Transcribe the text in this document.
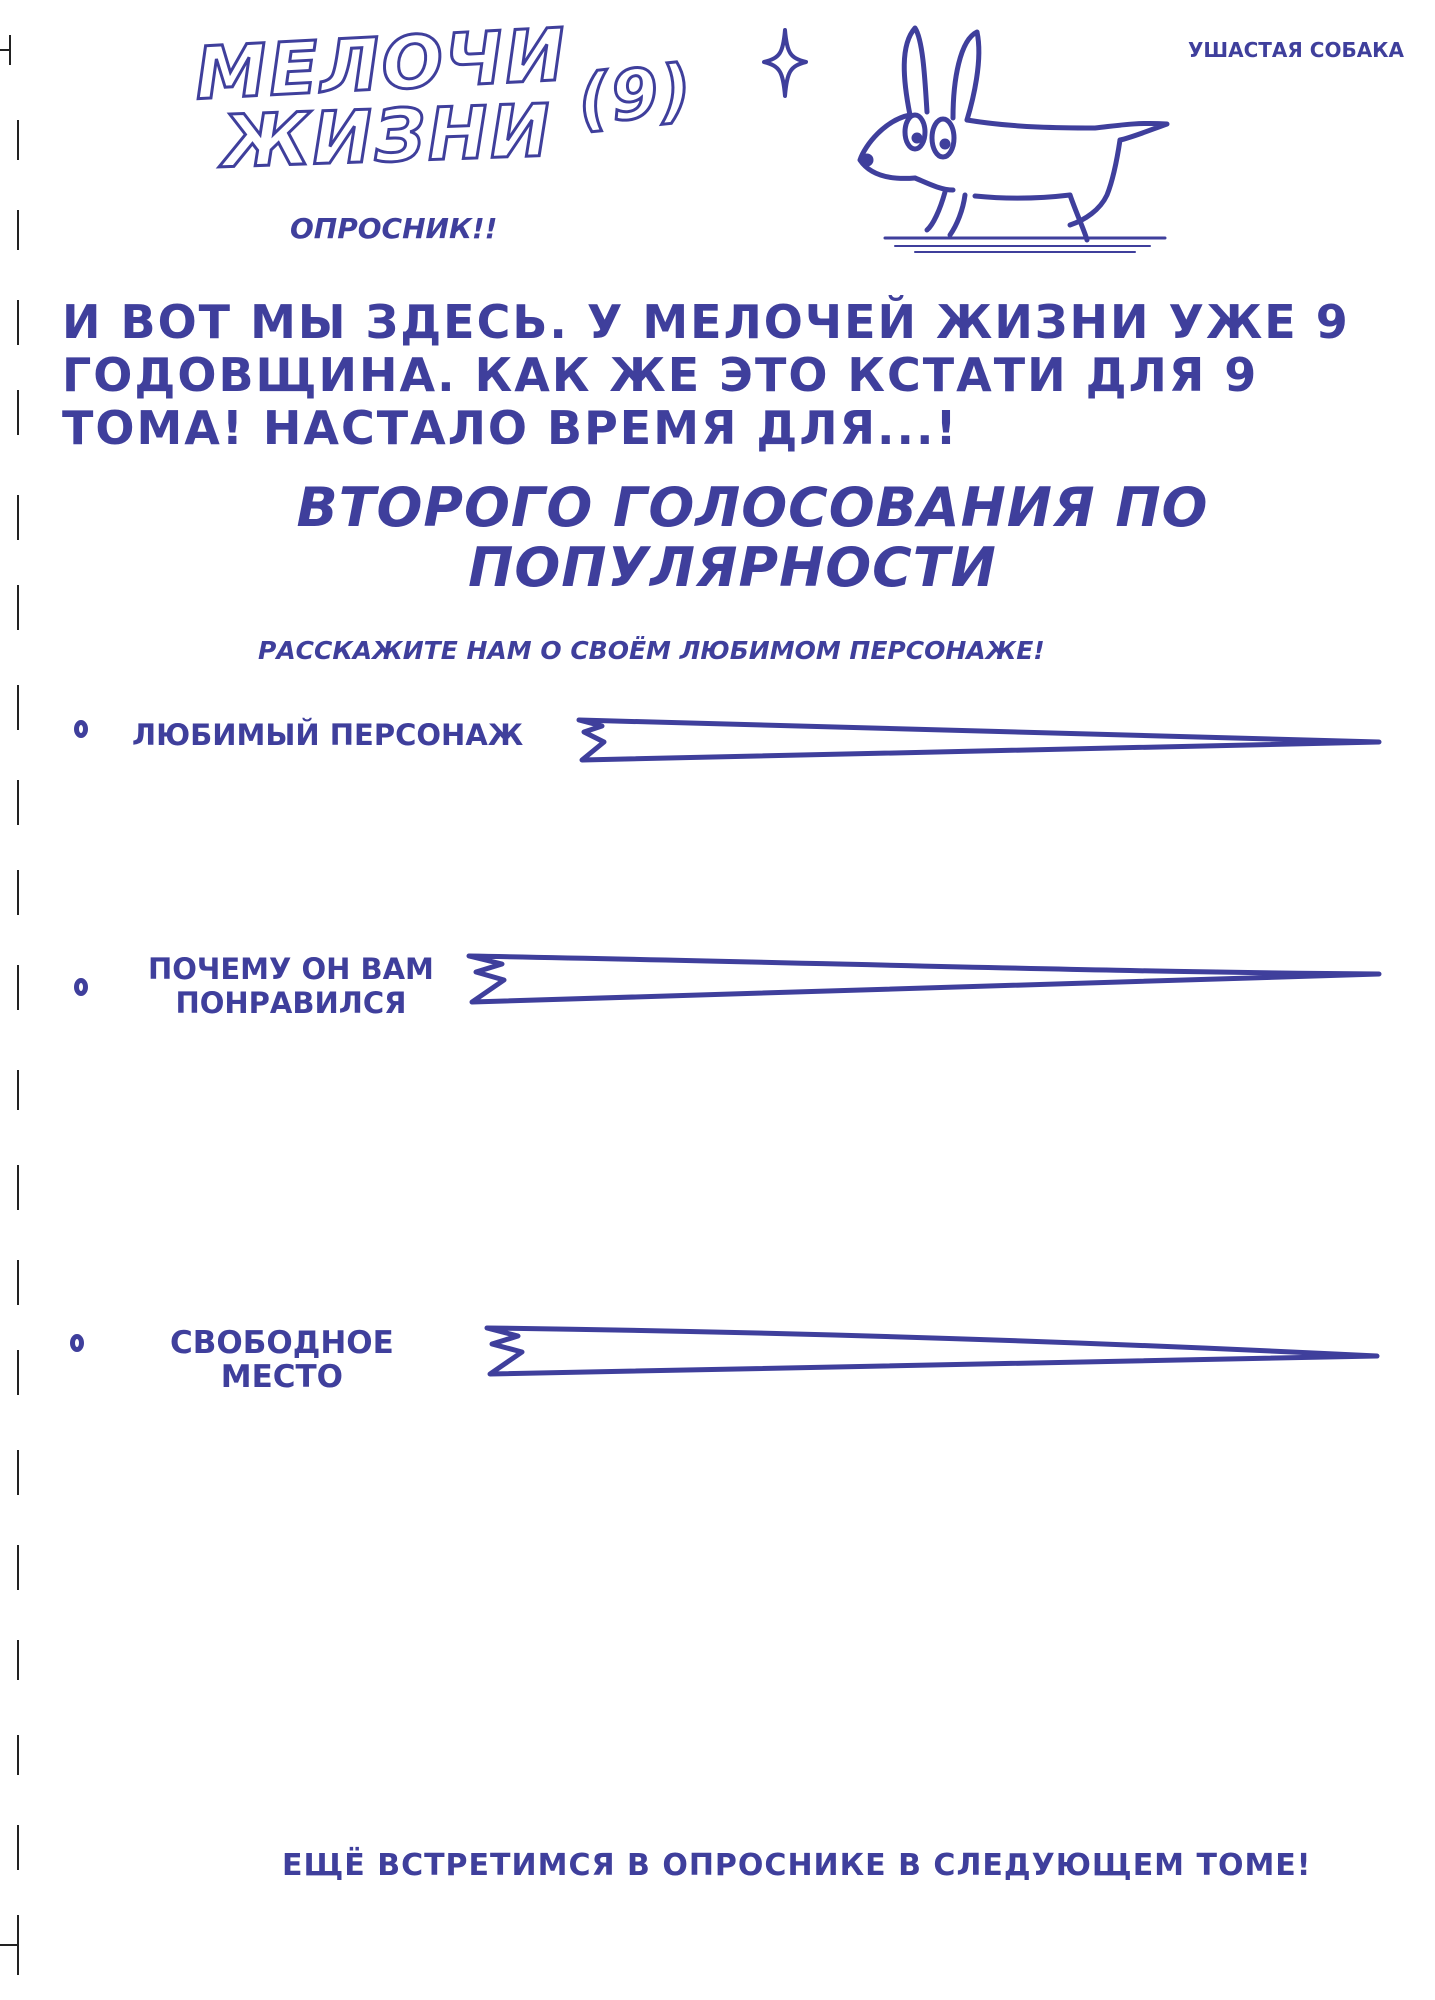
МЕЛОЧИ
ЖИЗНИ (9)
ОПРОСНИК!!
УШАСТАЯ СОБАКА
И ВОТ МЫ ЗДЕСЬ. У МЕЛОЧЕЙ ЖИЗНИ УЖЕ 9
ГОДОВЩИНА. КАК ЖЕ ЭТО КСТАТИ ДЛЯ 9
ТОМА! НАСТАЛО ВРЕМЯ ДЛЯ...!
ВТОРОГО ГОЛОСОВАНИЯ ПО
ПОПУЛЯРНОСТИ
РАССКАЖИТЕ НАМ О СВОЁМ ЛЮБИМОМ ПЕРСОНАЖЕ!
ЛЮБИМЫЙ ПЕРСОНАЖ
ПОЧЕМУ ОН ВАМ
ПОНРАВИЛСЯ
СВОБОДНОЕ
МЕСТО
ЕЩЁ ВСТРЕТИМСЯ В ОПРОСНИКЕ В СЛЕДУЮЩЕМ ТОМЕ!
